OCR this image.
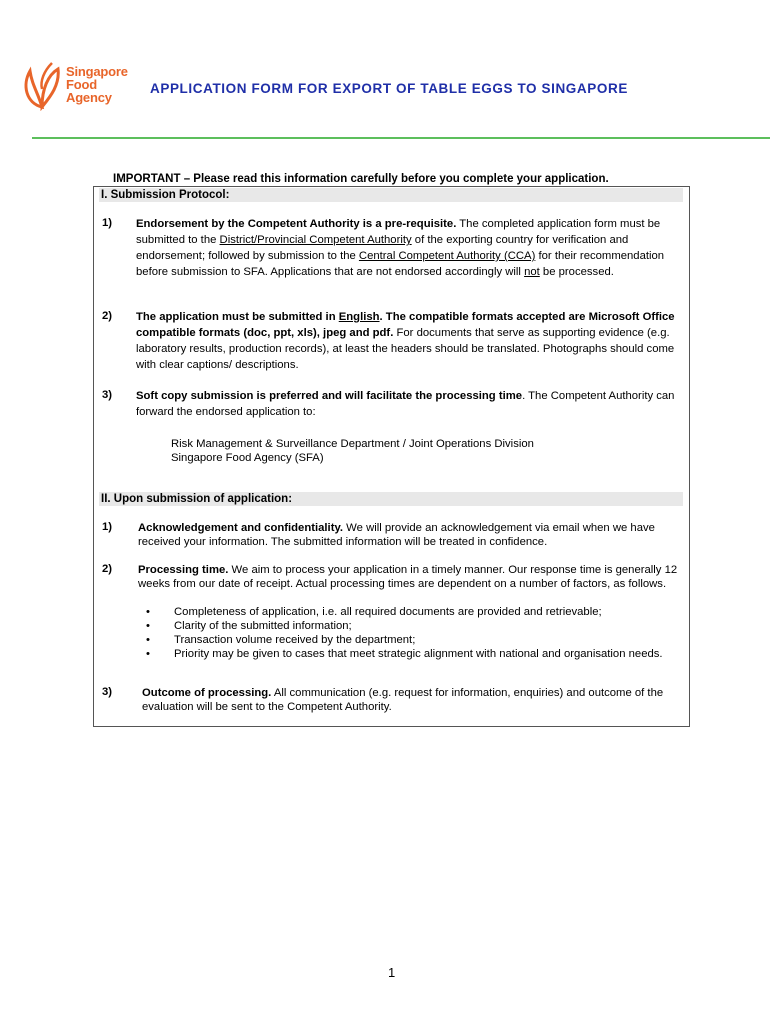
Singapore
Food
Agency
APPLICATION FORM FOR EXPORT OF TABLE EGGS TO SINGAPORE
IMPORTANT – Please read this information carefully before you complete your application.
I. Submission Protocol:
1) Endorsement by the Competent Authority is a pre-requisite. The completed application form must be submitted to the District/Provincial Competent Authority of the exporting country for verification and endorsement; followed by submission to the Central Competent Authority (CCA) for their recommendation before submission to SFA. Applications that are not endorsed accordingly will not be processed.
2) The application must be submitted in English. The compatible formats accepted are Microsoft Office compatible formats (doc, ppt, xls), jpeg and pdf. For documents that serve as supporting evidence (e.g. laboratory results, production records), at least the headers should be translated. Photographs should come with clear captions/ descriptions.
3) Soft copy submission is preferred and will facilitate the processing time. The Competent Authority can forward the endorsed application to:
Risk Management & Surveillance Department / Joint Operations Division
Singapore Food Agency (SFA)
II. Upon submission of application:
1) Acknowledgement and confidentiality. We will provide an acknowledgement via email when we have received your information. The submitted information will be treated in confidence.
2) Processing time. We aim to process your application in a timely manner. Our response time is generally 12 weeks from our date of receipt. Actual processing times are dependent on a number of factors, as follows.
• Completeness of application, i.e. all required documents are provided and retrievable;
• Clarity of the submitted information;
• Transaction volume received by the department;
• Priority may be given to cases that meet strategic alignment with national and organisation needs.
3)	Outcome of processing. All communication (e.g. request for information, enquiries) and outcome of the evaluation will be sent to the Competent Authority.
1
